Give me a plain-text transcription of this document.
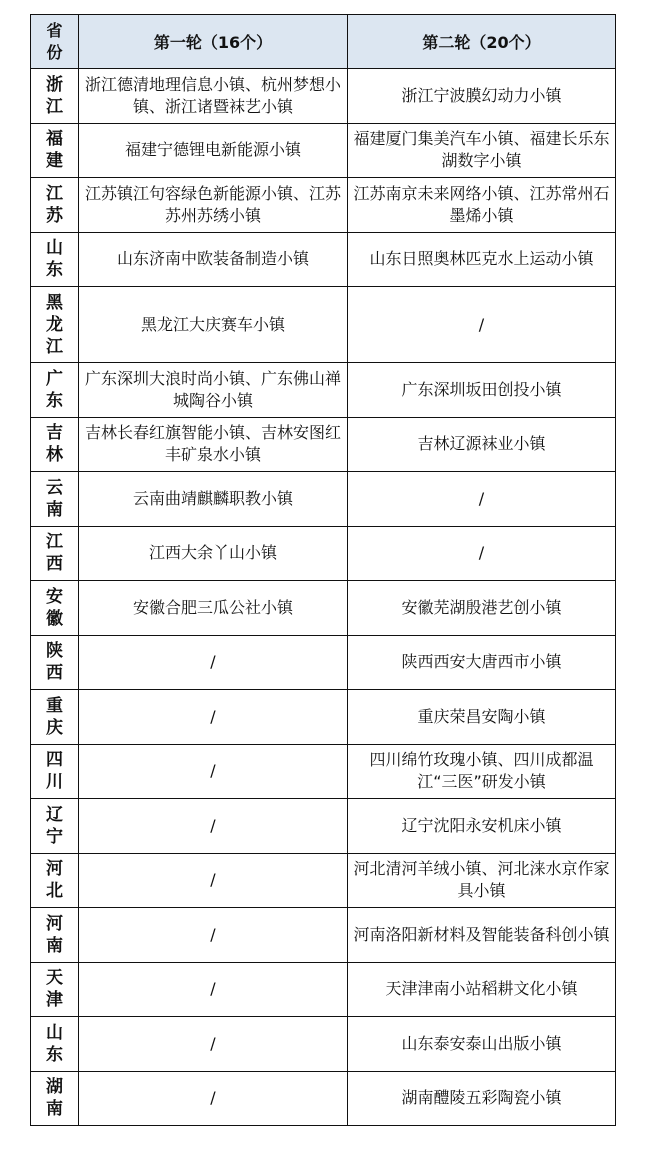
省份	第一轮（16个）	第二轮（20个）
浙江	浙江德清地理信息小镇、杭州梦想小镇、浙江诸暨袜艺小镇	浙江宁波膜幻动力小镇
福建	福建宁德锂电新能源小镇	福建厦门集美汽车小镇、福建长乐东湖数字小镇
江苏	江苏镇江句容绿色新能源小镇、江苏苏州苏绣小镇	江苏南京未来网络小镇、江苏常州石墨烯小镇
山东	山东济南中欧装备制造小镇	山东日照奥林匹克水上运动小镇
黑龙江	黑龙江大庆赛车小镇	/
广东	广东深圳大浪时尚小镇、广东佛山禅城陶谷小镇	广东深圳坂田创投小镇
吉林	吉林长春红旗智能小镇、吉林安图红丰矿泉水小镇	吉林辽源袜业小镇
云南	云南曲靖麒麟职教小镇	/
江西	江西大余丫山小镇	/
安徽	安徽合肥三瓜公社小镇	安徽芜湖殷港艺创小镇
陕西	/	陕西西安大唐西市小镇
重庆	/	重庆荣昌安陶小镇
四川	/	四川绵竹玫瑰小镇、四川成都温江“三医”研发小镇
辽宁	/	辽宁沈阳永安机床小镇
河北	/	河北清河羊绒小镇、河北涞水京作家具小镇
河南	/	河南洛阳新材料及智能装备科创小镇
天津	/	天津津南小站稻耕文化小镇
山东	/	山东泰安泰山出版小镇
湖南	/	湖南醴陵五彩陶瓷小镇
